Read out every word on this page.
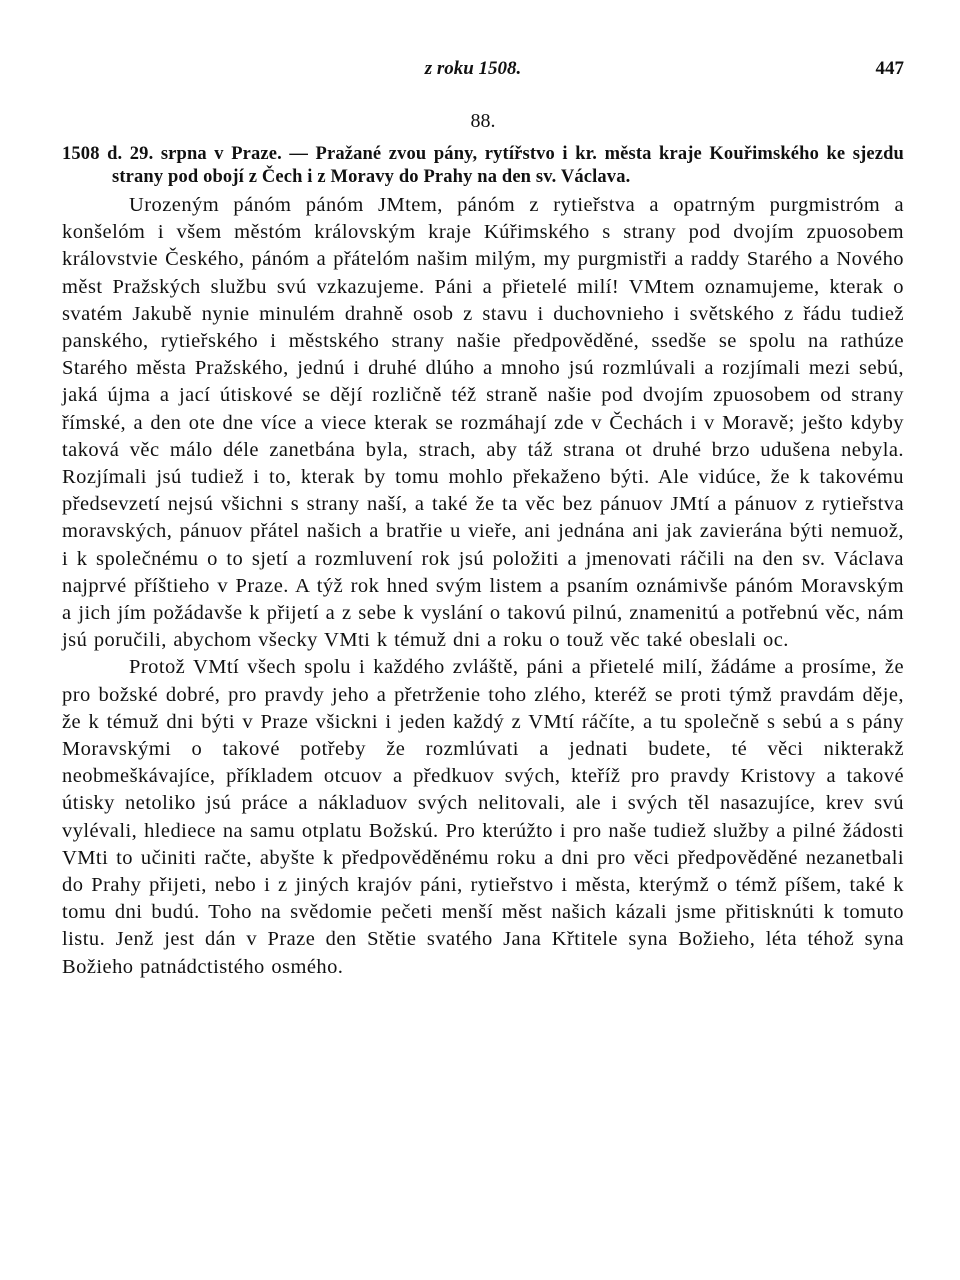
z roku 1508.	447
88.

1508 d. 29. srpna v Praze. — Pražané zvou pány, rytířstvo i kr. města kraje Kouřimského ke sjezdu strany pod obojí z Čech i z Moravy do Prahy na den sv. Václava.

Urozeným pánóm pánóm JMtem, pánóm z rytieřstva a opatrným purgmistróm a konšelóm i všem městóm královským kraje Kúřimského s strany pod dvojím zpuosobem královstvie Českého, pánóm a přátelóm našim milým, my purgmistři a raddy Starého a Nového měst Pražských službu svú vzkazujeme. Páni a přietelé milí! VMtem oznamujeme, kterak o svatém Jakubě nynie minulém drahně osob z stavu i duchovnieho i světského z řádu tudiež panského, rytieřského i městského strany našie předpověděné, ssedše se spolu na rathúze Starého města Pražského, jednú i druhé dlúho a mnoho jsú rozmlúvali a rozjímali mezi sebú, jaká újma a jací útiskové se dějí rozličně též straně našie pod dvojím zpuosobem od strany římské, a den ote dne více a viece kterak se rozmáhají zde v Čechách i v Moravě; ješto kdyby taková věc málo déle zanetbána byla, strach, aby táž strana ot druhé brzo udušena nebyla. Rozjímali jsú tudiež i to, kterak by tomu mohlo překaženo býti. Ale vidúce, že k takovému předsevzetí nejsú všichni s strany naší, a také že ta věc bez pánuov JMtí a pánuov z rytieřstva moravských, pánuov přátel našich a bratřie u vieře, ani jednána ani jak zavierána býti nemuož, i k společnému o to sjetí a rozmluvení rok jsú položiti a jmenovati ráčili na den sv. Václava najprvé příštieho v Praze. A týž rok hned svým listem a psaním oznámivše pánóm Moravským a jich jím požádavše k přijetí a z sebe k vyslání o takovú pilnú, znamenitú a potřebnú věc, nám jsú poručili, abychom všecky VMti k témuž dni a roku o touž věc také obeslali oc.

Protož VMtí všech spolu i každého zvláště, páni a přietelé milí, žádáme a prosíme, že pro božské dobré, pro pravdy jeho a přetrženie toho zlého, kteréž se proti týmž pravdám děje, že k témuž dni býti v Praze všickni i jeden každý z VMtí ráčíte, a tu společně s sebú a s pány Moravskými o takové potřeby že rozmlúvati a jednati budete, té věci nikterakž neobmeškávajíce, příkladem otcuov a předkuov svých, kteříž pro pravdy Kristovy a takové útisky netoliko jsú práce a nákladuov svých nelitovali, ale i svých těl nasazujíce, krev svú vylévali, hlediece na samu otplatu Božskú. Pro kterúžto i pro naše tudiež služby a pilné žádosti VMti to učiniti račte, abyšte k předpověděnému roku a dni pro věci předpověděné nezanetbali do Prahy přijeti, nebo i z jiných krajóv páni, rytieřstvo i města, kterýmž o témž píšem, také k tomu dni budú. Toho na svědomie pečeti menší měst našich kázali jsme přitisknúti k tomuto listu. Jenž jest dán v Praze den Stětie svatého Jana Křtitele syna Božieho, léta téhož syna Božieho patnádctistého osmého.
